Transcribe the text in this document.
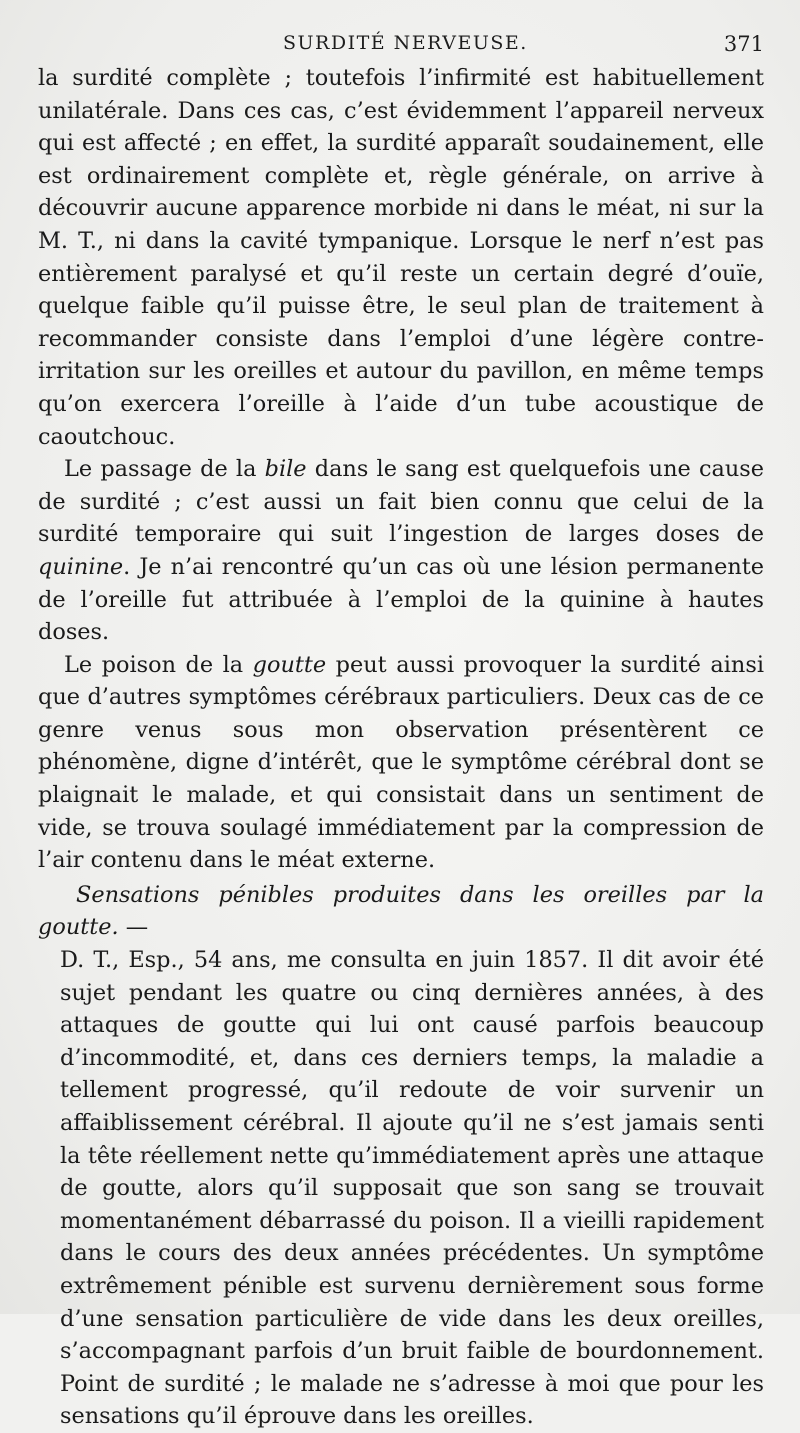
SURDITÉ NERVEUSE.	371

la surdité complète ; toutefois l’infirmité est habituellement unilatérale. Dans ces cas, c’est évidemment l’appareil nerveux qui est affecté ; en effet, la surdité apparaît soudainement, elle est ordinairement complète et, règle générale, on arrive à découvrir aucune apparence morbide ni dans le méat, ni sur la M. T., ni dans la cavité tympanique. Lorsque le nerf n’est pas entièrement paralysé et qu’il reste un certain degré d’ouïe, quelque faible qu’il puisse être, le seul plan de traitement à recommander consiste dans l’emploi d’une légère contre-irritation sur les oreilles et autour du pavillon, en même temps qu’on exercera l’oreille à l’aide d’un tube acoustique de caoutchouc.

Le passage de la bile dans le sang est quelquefois une cause de surdité ; c’est aussi un fait bien connu que celui de la surdité temporaire qui suit l’ingestion de larges doses de quinine. Je n’ai rencontré qu’un cas où une lésion permanente de l’oreille fut attribuée à l’emploi de la quinine à hautes doses.

Le poison de la goutte peut aussi provoquer la surdité ainsi que d’autres symptômes cérébraux particuliers. Deux cas de ce genre venus sous mon observation présentèrent ce phénomène, digne d’intérêt, que le symptôme cérébral dont se plaignait le malade, et qui consistait dans un sentiment de vide, se trouva soulagé immédiatement par la compression de l’air contenu dans le méat externe.

Sensations pénibles produites dans les oreilles par la goutte. —

D. T., Esp., 54 ans, me consulta en juin 1857. Il dit avoir été sujet pendant les quatre ou cinq dernières années, à des attaques de goutte qui lui ont causé parfois beaucoup d’incommodité, et, dans ces derniers temps, la maladie a tellement progressé, qu’il redoute de voir survenir un affaiblissement cérébral. Il ajoute qu’il ne s’est jamais senti la tête réellement nette qu’immédiatement après une attaque de goutte, alors qu’il supposait que son sang se trouvait momentanément débarrassé du poison. Il a vieilli rapidement dans le cours des deux années précédentes. Un symptôme extrêmement pénible est survenu dernièrement sous forme d’une sensation particulière de vide dans les deux oreilles, s’accompagnant parfois d’un bruit faible de bourdonnement. Point de surdité ; le malade ne s’adresse à moi que pour les sensations qu’il éprouve dans les oreilles.
